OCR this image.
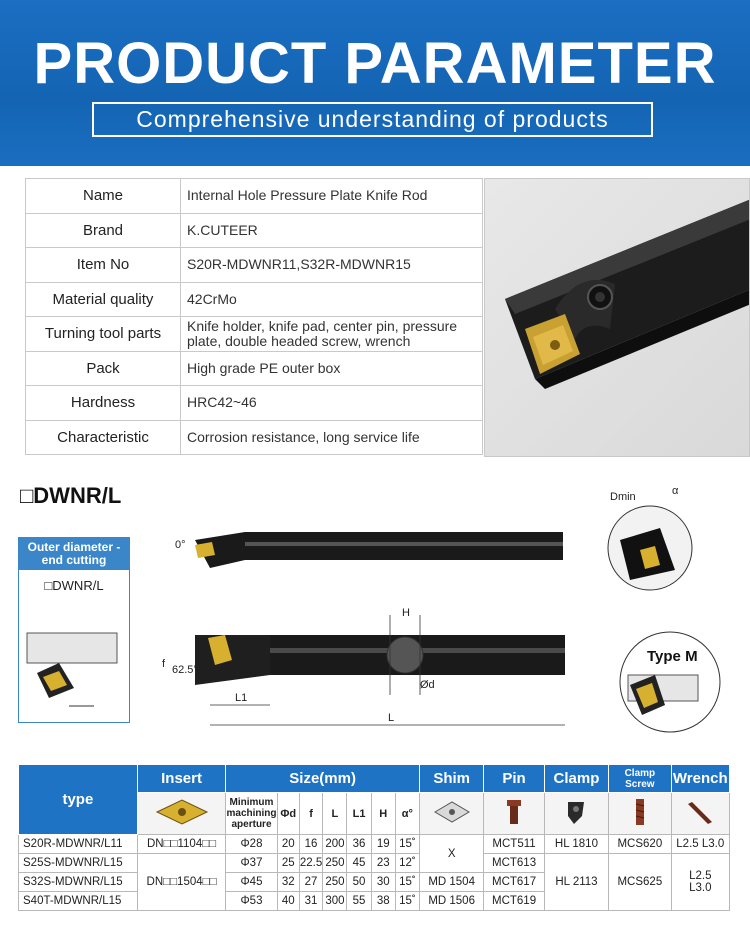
PRODUCT PARAMETER
Comprehensive understanding of products
Name	Internal Hole Pressure Plate Knife Rod
Brand	K.CUTEER
Item No	S20R-MDWNR11,S32R-MDWNR15
Material quality	42CrMo
Turning tool parts	Knife holder, knife pad, center pin, pressure plate, double headed screw, wrench
Pack	High grade PE outer box
Hardness	HRC42~46
Characteristic	Corrosion resistance, long service life
□DWNR/L
Outer diameter -end cutting
□DWNR/L
0°
H
Ød
f 62.5°
L1
L
Dmin	α
Type M
type	Insert	Size(mm)							Shim	Pin	Clamp	Clamp Screw	Wrench
	Minimum machining aperture	Φd	f	L	L1	H	α°					
S20R-MDWNR/L11	DN□□1104□□	Φ28	20	16	200	36	19	15˚	X	MCT511	HL 1810	MCS620	L2.5 L3.0
S25S-MDWNR/L15	DN□□1504□□	Φ37	25	22.5	250	45	23	12˚		MCT613	HL 2113	MCS625	L2.5
L3.0
S32S-MDWNR/L15		Φ45	32	27	250	50	30	15˚	MD 1504	MCT617			
S40T-MDWNR/L15		Φ53	40	31	300	55	38	15˚	MD 1506	MCT619			
